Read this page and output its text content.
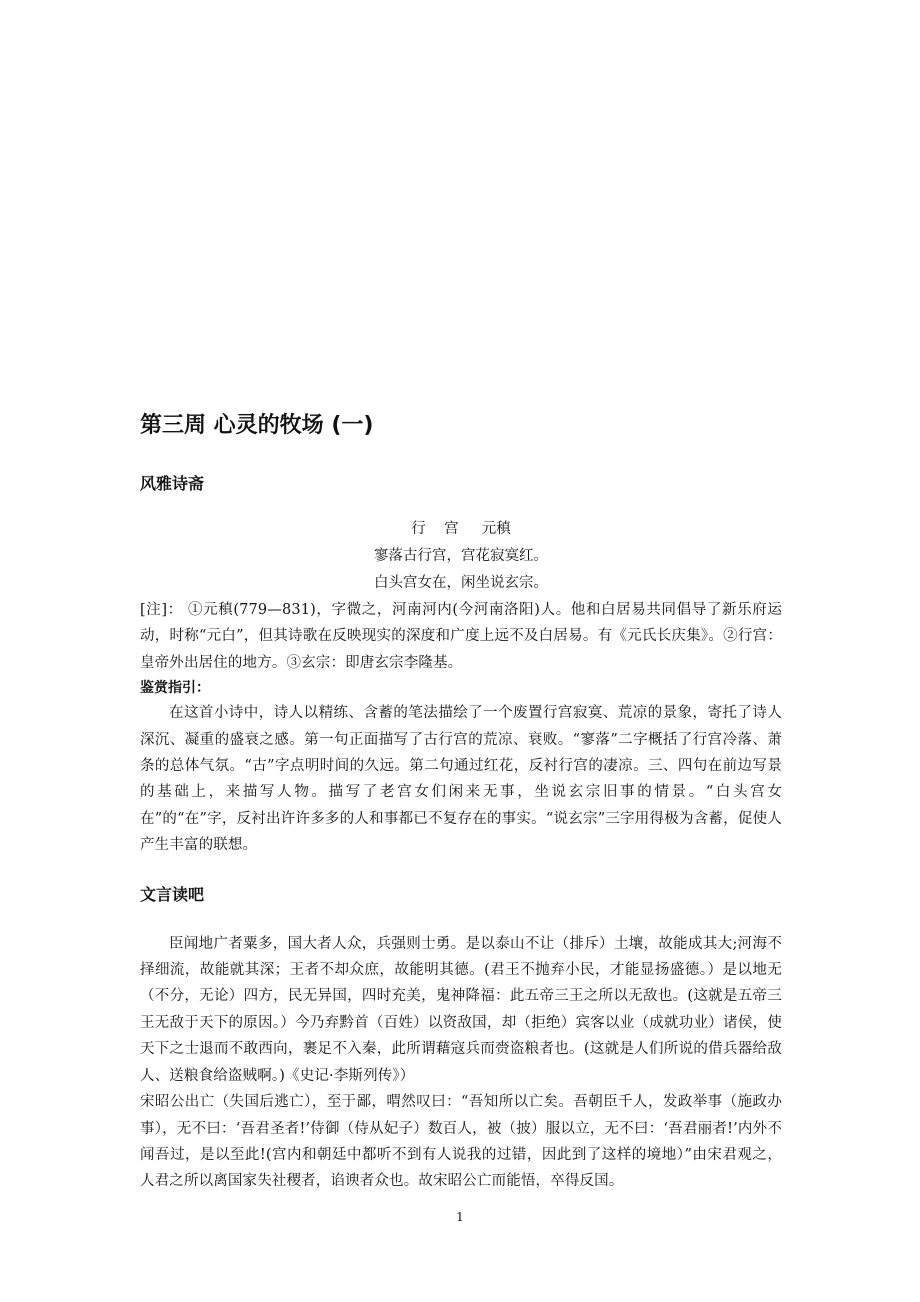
第三周 心灵的牧场 (一)
风雅诗斋
行    宫     元稹
寥落古行宫，宫花寂寞红。
白头宫女在，闲坐说玄宗。

[注]： ①元稹(779—831)，字微之，河南河内(今河南洛阳)人。他和白居易共同倡导了新乐府运动，时称“元白”，但其诗歌在反映现实的深度和广度上远不及白居易。有《元氏长庆集》。②行宫：皇帝外出居住的地方。③玄宗：即唐玄宗李隆基。

鉴赏指引：

在这首小诗中，诗人以精练、含蓄的笔法描绘了一个废置行宫寂寞、荒凉的景象，寄托了诗人深沉、凝重的盛衰之感。第一句正面描写了古行宫的荒凉、衰败。“寥落”二字概括了行宫冷落、萧条的总体气氛。“古”字点明时间的久远。第二句通过红花，反衬行宫的凄凉。三、四句在前边写景的基础上，来描写人物。描写了老宫女们闲来无事，坐说玄宗旧事的情景。“白头宫女在”的“在”字，反衬出许许多多的人和事都已不复存在的事实。“说玄宗”三字用得极为含蓄，促使人产生丰富的联想。

文言读吧

臣闻地广者粟多，国大者人众，兵强则士勇。是以泰山不让（排斥）土壤，故能成其大;河海不择细流，故能就其深；王者不却众庶，故能明其德。(君王不抛弃小民，才能显扬盛德。）是以地无（不分，无论）四方，民无异国，四时充美，鬼神降福：此五帝三王之所以无敌也。(这就是五帝三王无敌于天下的原因。）今乃弃黔首（百姓）以资敌国，却（拒绝）宾客以业（成就功业）诸侯，使天下之士退而不敢西向，裹足不入秦，此所谓藉寇兵而赍盗粮者也。(这就是人们所说的借兵器给敌人、送粮食给盗贼啊。)《史记·李斯列传》）

宋昭公出亡（失国后逃亡），至于鄙，喟然叹曰：“吾知所以亡矣。吾朝臣千人，发政举事（施政办事），无不曰：‘吾君圣者!’侍御（侍从妃子）数百人，被（披）服以立，无不曰：‘吾君丽者!’内外不闻吾过，是以至此!(宫内和朝廷中都听不到有人说我的过错，因此到了这样的境地）”由宋君观之，人君之所以离国家失社稷者，谄谀者众也。故宋昭公亡而能悟，卒得反国。

1
